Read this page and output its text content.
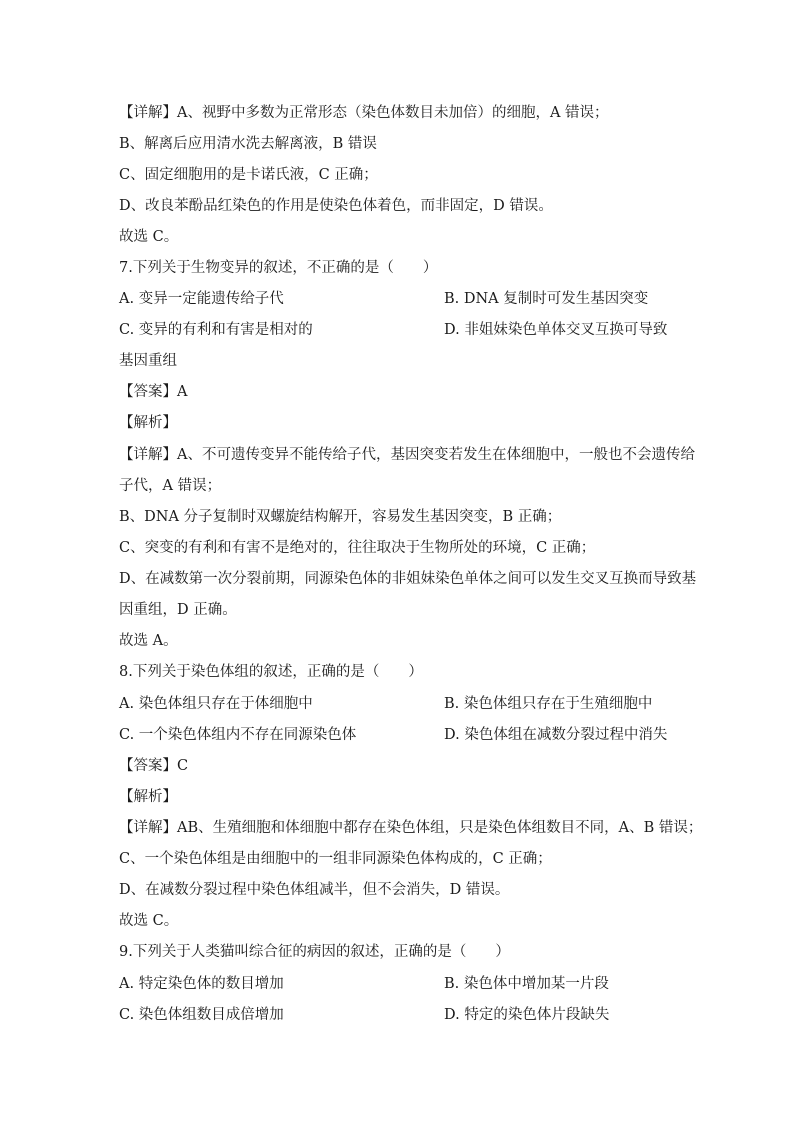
【详解】A、视野中多数为正常形态（染色体数目未加倍）的细胞，A 错误；
B、解离后应用清水洗去解离液，B 错误
C、固定细胞用的是卡诺氏液，C 正确；
D、改良苯酚品红染色的作用是使染色体着色，而非固定，D 错误。
故选 C。
7.下列关于生物变异的叙述，不正确的是（　　）
A. 变异一定能遗传给子代	B. DNA 复制时可发生基因突变
C. 变异的有利和有害是相对的	D. 非姐妹染色单体交叉互换可导致
基因重组
【答案】A
【解析】
【详解】A、不可遗传变异不能传给子代，基因突变若发生在体细胞中，一般也不会遗传给
子代，A 错误；
B、DNA 分子复制时双螺旋结构解开，容易发生基因突变，B 正确；
C、突变的有利和有害不是绝对的，往往取决于生物所处的环境，C 正确；
D、在减数第一次分裂前期，同源染色体的非姐妹染色单体之间可以发生交叉互换而导致基
因重组，D 正确。
故选 A。
8.下列关于染色体组的叙述，正确的是（　　）
A. 染色体组只存在于体细胞中	B. 染色体组只存在于生殖细胞中
C. 一个染色体组内不存在同源染色体	D. 染色体组在减数分裂过程中消失
【答案】C
【解析】
【详解】AB、生殖细胞和体细胞中都存在染色体组，只是染色体组数目不同，A、B 错误；
C、一个染色体组是由细胞中的一组非同源染色体构成的，C 正确；
D、在减数分裂过程中染色体组减半，但不会消失，D 错误。
故选 C。
9.下列关于人类猫叫综合征的病因的叙述，正确的是（　　）
A. 特定染色体的数目增加	B. 染色体中增加某一片段
C. 染色体组数目成倍增加	D. 特定的染色体片段缺失
